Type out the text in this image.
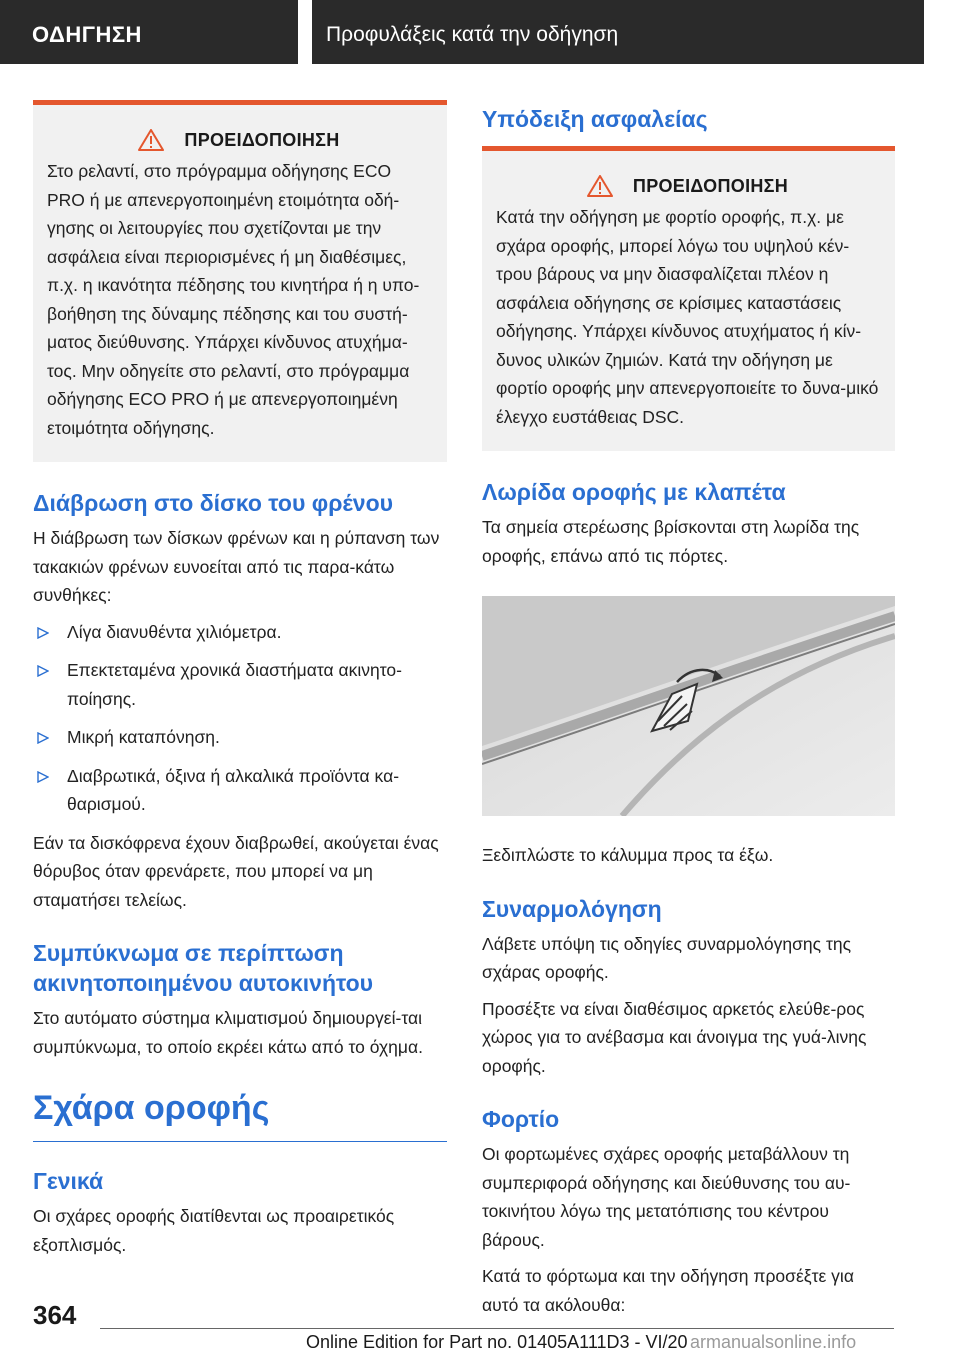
ΟΔΗΓΗΣΗ	Προφυλάξεις κατά την οδήγηση
ΠΡΟΕΙΔΟΠΟΙΗΣΗ
Στο ρελαντί, στο πρόγραμμα οδήγησης ECO PRO ή με απενεργοποιημένη ετοιμότητα οδή-γησης οι λειτουργίες που σχετίζονται με την ασφάλεια είναι περιορισμένες ή μη διαθέσιμες, π.χ. η ικανότητα πέδησης του κινητήρα ή η υπο-βοήθηση της δύναμης πέδησης και του συστή-ματος διεύθυνσης. Υπάρχει κίνδυνος ατυχήμα-τος. Μην οδηγείτε στο ρελαντί, στο πρόγραμμα οδήγησης ECO PRO ή με απενεργοποιημένη ετοιμότητα οδήγησης.
Διάβρωση στο δίσκο του φρένου

Η διάβρωση των δίσκων φρένων και η ρύπανση των τακακιών φρένων ευνοείται από τις παρα-κάτω συνθήκες:

Λίγα διανυθέντα χιλιόμετρα.
Επεκτεταμένα χρονικά διαστήματα ακινητο-ποίησης.
Μικρή καταπόνηση.
Διαβρωτικά, όξινα ή αλκαλικά προϊόντα κα-θαρισμού.

Εάν τα δισκόφρενα έχουν διαβρωθεί, ακούγεται ένας θόρυβος όταν φρενάρετε, που μπορεί να μη σταματήσει τελείως.

Συμπύκνωμα σε περίπτωση ακινητοποιημένου αυτοκινήτου

Στο αυτόματο σύστημα κλιματισμού δημιουργεί-ται συμπύκνωμα, το οποίο εκρέει κάτω από το όχημα.

Σχάρα οροφής
Γενικά

Οι σχάρες οροφής διατίθενται ως προαιρετικός εξοπλισμός.

Υπόδειξη ασφαλείας
ΠΡΟΕΙΔΟΠΟΙΗΣΗ
Κατά την οδήγηση με φορτίο οροφής, π.χ. με σχάρα οροφής, μπορεί λόγω του υψηλού κέν-τρου βάρους να μην διασφαλίζεται πλέον η ασφάλεια οδήγησης σε κρίσιμες καταστάσεις οδήγησης. Υπάρχει κίνδυνος ατυχήματος ή κίν-δυνος υλικών ζημιών. Κατά την οδήγηση με φορτίο οροφής μην απενεργοποιείτε το δυνα-μικό έλεγχο ευστάθειας DSC.
Λωρίδα οροφής με κλαπέτα

Τα σημεία στερέωσης βρίσκονται στη λωρίδα της οροφής, επάνω από τις πόρτες.

Ξεδιπλώστε το κάλυμμα προς τα έξω.

Συναρμολόγηση

Λάβετε υπόψη τις οδηγίες συναρμολόγησης της σχάρας οροφής.

Προσέξτε να είναι διαθέσιμος αρκετός ελεύθε-ρος χώρος για το ανέβασμα και άνοιγμα της γυά-λινης οροφής.

Φορτίο

Οι φορτωμένες σχάρες οροφής μεταβάλλουν τη συμπεριφορά οδήγησης και διεύθυνσης του αυ-τοκινήτου λόγω της μετατόπισης του κέντρου βάρους.

Κατά το φόρτωμα και την οδήγηση προσέξτε για αυτό τα ακόλουθα:

364
Online Edition for Part no. 01405A111D3 - VI/20 armanualsonline.info
